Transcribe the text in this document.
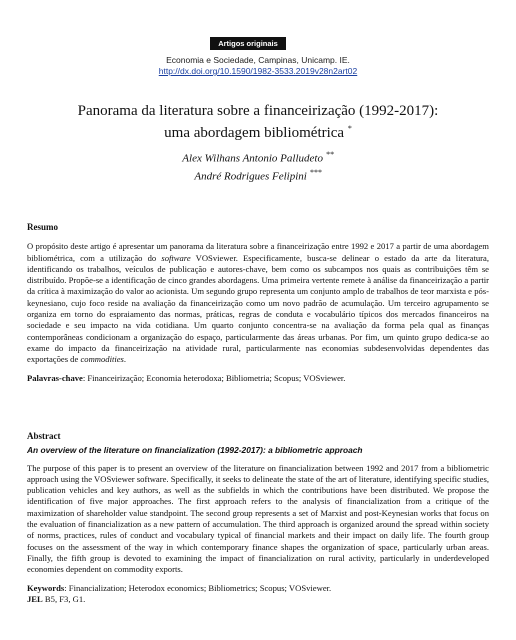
Artigos originais
Economia e Sociedade, Campinas, Unicamp. IE.
http://dx.doi.org/10.1590/1982-3533.2019v28n2art02
Panorama da literatura sobre a financeirização (1992-2017):
uma abordagem bibliométrica *
Alex Wilhans Antonio Palludeto **
André Rodrigues Felipini ***

Resumo

O propósito deste artigo é apresentar um panorama da literatura sobre a financeirização entre 1992 e 2017 a partir de uma abordagem bibliométrica, com a utilização do software VOSviewer. Especificamente, busca-se delinear o estado da arte da literatura, identificando os trabalhos, veículos de publicação e autores-chave, bem como os subcampos nos quais as contribuições têm se distribuído. Propõe-se a identificação de cinco grandes abordagens. Uma primeira vertente remete à análise da financeirização a partir da crítica à maximização do valor ao acionista. Um segundo grupo representa um conjunto amplo de trabalhos de teor marxista e pós-keynesiano, cujo foco reside na avaliação da financeirização como um novo padrão de acumulação. Um terceiro agrupamento se organiza em torno do espraiamento das normas, práticas, regras de conduta e vocabulário típicos dos mercados financeiros na sociedade e seu impacto na vida cotidiana. Um quarto conjunto concentra-se na avaliação da forma pela qual as finanças contemporâneas condicionam a organização do espaço, particularmente das áreas urbanas. Por fim, um quinto grupo dedica-se ao exame do impacto da financeirização na atividade rural, particularmente nas economias subdesenvolvidas dependentes das exportações de commodities.

Palavras-chave: Financeirização; Economia heterodoxa; Bibliometria; Scopus; VOSviewer.

Abstract

An overview of the literature on financialization (1992-2017): a bibliometric approach

The purpose of this paper is to present an overview of the literature on financialization between 1992 and 2017 from a bibliometric approach using the VOSviewer software. Specifically, it seeks to delineate the state of the art of literature, identifying specific studies, publication vehicles and key authors, as well as the subfields in which the contributions have been distributed. We propose the identification of five major approaches. The first approach refers to the analysis of financialization from a critique of the maximization of shareholder value standpoint. The second group represents a set of Marxist and post-Keynesian works that focus on the evaluation of financialization as a new pattern of accumulation. The third approach is organized around the spread within society of norms, practices, rules of conduct and vocabulary typical of financial markets and their impact on daily life. The fourth group focuses on the assessment of the way in which contemporary finance shapes the organization of space, particularly urban areas. Finally, the fifth group is devoted to examining the impact of financialization on rural activity, particularly in underdeveloped economies dependent on commodity exports.

Keywords: Financialization; Heterodox economics; Bibliometrics; Scopus; VOSviewer.

JEL B5, F3, G1.
